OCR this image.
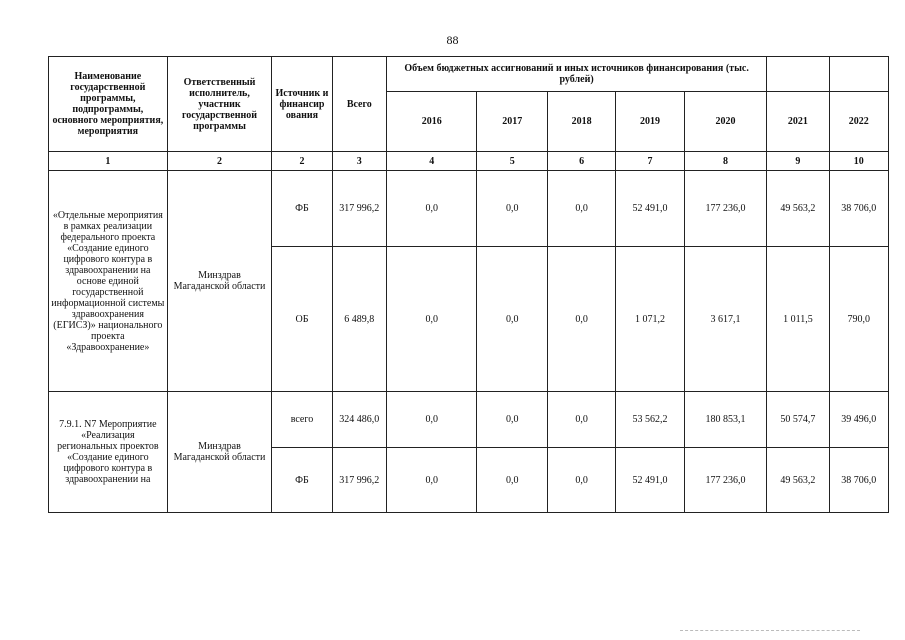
88
Наименование государственной программы, подпрограммы, основного мероприятия, мероприятия	Ответственный исполнитель, участник государственной программы	Источник и финансир ования	Всего	Объем бюджетных ассигнований и иных источников финансирования (тыс. рублей)						
				2016	2017	2018	2019	2020	2021	2022
1	2	2	3	4	5	6	7	8	9	10
«Отдельные мероприятия в рамках реализации федерального проекта «Создание единого цифрового контура в здравоохранении на основе единой государственной информационной системы здравоохранения (ЕГИСЗ)» национального проекта «Здравоохранение»	Минздрав Магаданской области	ФБ	317 996,2	0,0	0,0	0,0	52 491,0	177 236,0	49 563,2	38 706,0
		ОБ	6 489,8	0,0	0,0	0,0	1 071,2	3 617,1	1 011,5	790,0
7.9.1. N7 Мероприятие «Реализация региональных проектов «Создание единого цифрового контура в здравоохранении на	Минздрав Магаданской области	всего	324 486,0	0,0	0,0	0,0	53 562,2	180 853,1	50 574,7	39 496,0
		ФБ	317 996,2	0,0	0,0	0,0	52 491,0	177 236,0	49 563,2	38 706,0
